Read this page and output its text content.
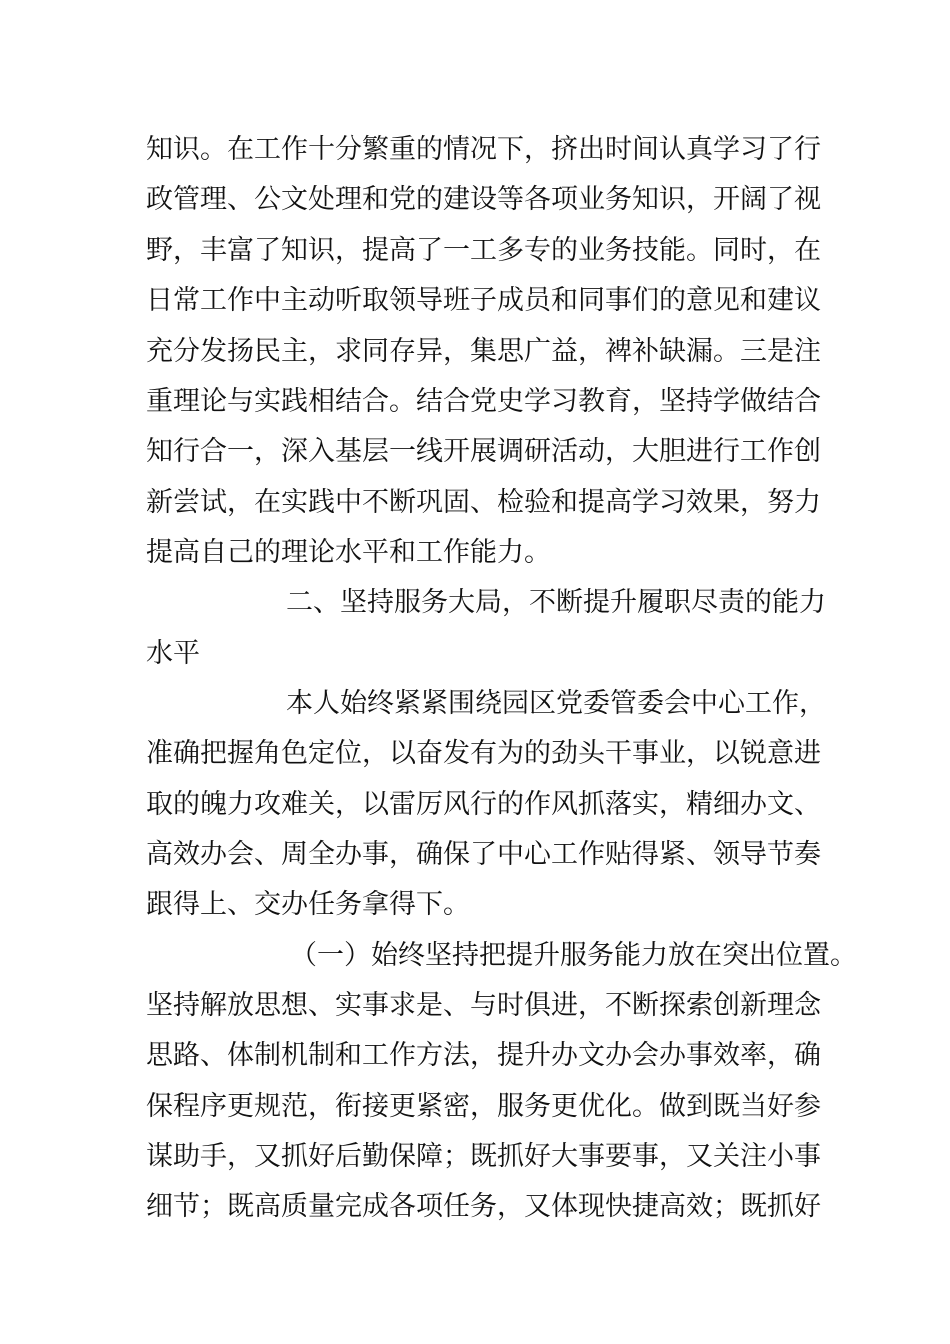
知识。在工作十分繁重的情况下，挤出时间认真学习了行

政管理、公文处理和党的建设等各项业务知识，开阔了视

野，丰富了知识，提高了一工多专的业务技能。同时，在

日常工作中主动听取领导班子成员和同事们的意见和建议

充分发扬民主，求同存异，集思广益，裨补缺漏。三是注

重理论与实践相结合。结合党史学习教育，坚持学做结合

知行合一，深入基层一线开展调研活动，大胆进行工作创

新尝试，在实践中不断巩固、检验和提高学习效果，努力

提高自己的理论水平和工作能力。

二、坚持服务大局，不断提升履职尽责的能力

水平

本人始终紧紧围绕园区党委管委会中心工作，

准确把握角色定位，以奋发有为的劲头干事业，以锐意进

取的魄力攻难关，以雷厉风行的作风抓落实，精细办文、

高效办会、周全办事，确保了中心工作贴得紧、领导节奏

跟得上、交办任务拿得下。

（一）始终坚持把提升服务能力放在突出位置。

坚持解放思想、实事求是、与时俱进，不断探索创新理念

思路、体制机制和工作方法，提升办文办会办事效率，确

保程序更规范，衔接更紧密，服务更优化。做到既当好参

谋助手，又抓好后勤保障；既抓好大事要事，又关注小事

细节；既高质量完成各项任务，又体现快捷高效；既抓好
